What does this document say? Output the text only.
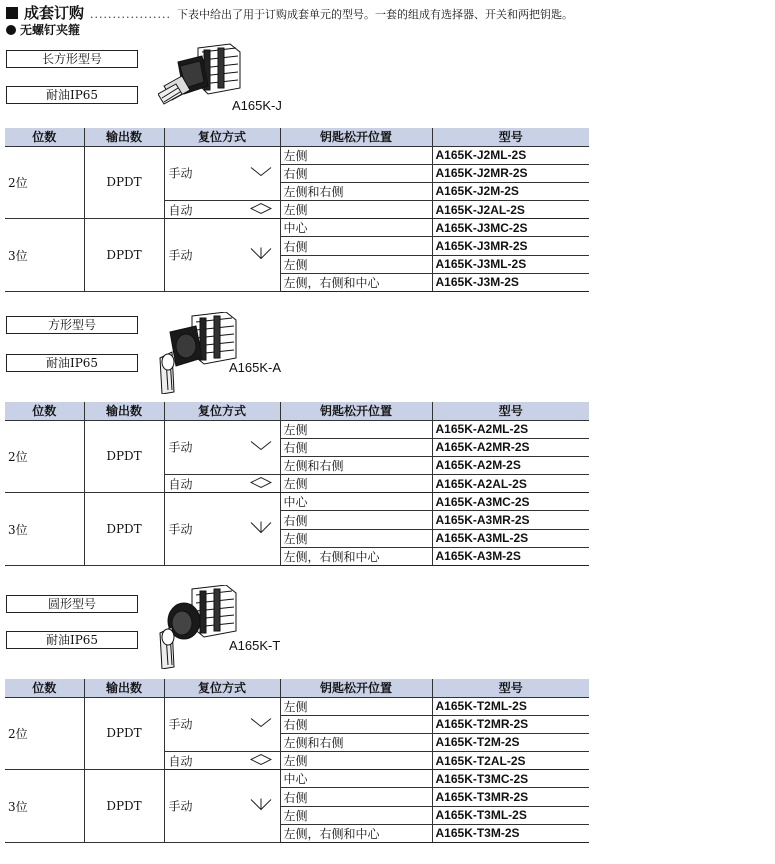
成套订购 .................. 下表中给出了用于订购成套单元的型号。一套的组成有选择器、开关和两把钥匙。
无螺钉夹箍
长方形型号
耐油IP65
A165K-J
位数	输出数	复位方式	钥匙松开位置	型号
2位	DPDT	手动	左侧	A165K-J2ML-2S
			右侧	A165K-J2MR-2S
			左侧和右侧	A165K-J2M-2S

		自动	左侧	A165K-J2AL-2S
3位	DPDT	手动	中心	A165K-J3MC-2S
			右侧	A165K-J3MR-2S
			左侧	A165K-J3ML-2S
			左侧，右侧和中心	A165K-J3M-2S
方形型号
耐油IP65	A165K-A
位数	输出数	复位方式	钥匙松开位置	型号
2位	DPDT	手动	左侧	A165K-A2ML-2S
			右侧	A165K-A2MR-2S
			左侧和右侧	A165K-A2M-2S

		自动	左侧	A165K-A2AL-2S
3位	DPDT	手动	中心	A165K-A3MC-2S
			右侧	A165K-A3MR-2S
			左侧	A165K-A3ML-2S
			左侧，右侧和中心	A165K-A3M-2S
圆形型号
耐油IP65	A165K-T
位数	输出数	复位方式	钥匙松开位置	型号
2位	DPDT	手动	左侧	A165K-T2ML-2S
			右侧	A165K-T2MR-2S
			左侧和右侧	A165K-T2M-2S

		自动	左侧	A165K-T2AL-2S
3位	DPDT	手动	中心	A165K-T3MC-2S
			右侧	A165K-T3MR-2S
			左侧	A165K-T3ML-2S
			左侧，右侧和中心	A165K-T3M-2S
